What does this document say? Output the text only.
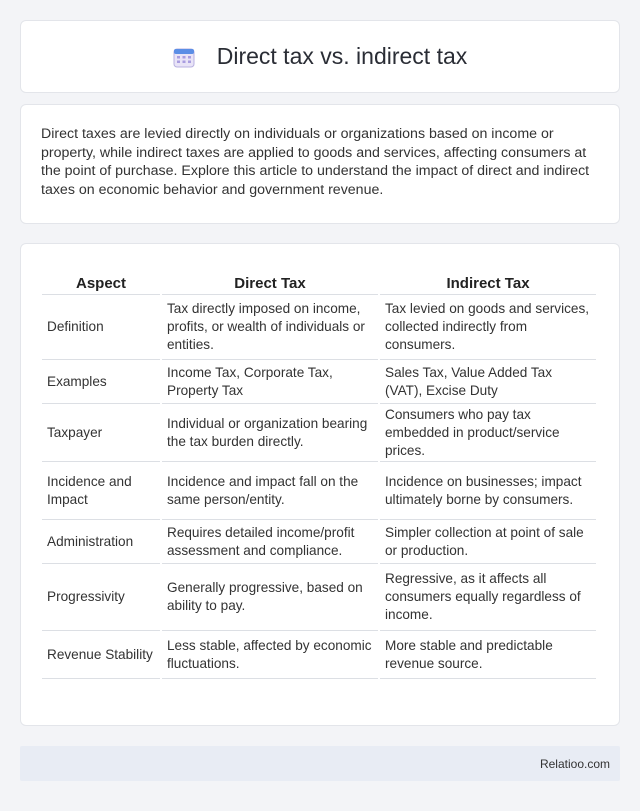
Direct tax vs. indirect tax

Direct taxes are levied directly on individuals or organizations based on income or property, while indirect taxes are applied to goods and services, affecting consumers at the point of purchase. Explore this article to understand the impact of direct and indirect taxes on economic behavior and government revenue.

Aspect	Direct Tax	Indirect Tax
Definition	Tax directly imposed on income, profits, or wealth of individuals or entities.	Tax levied on goods and services, collected indirectly from consumers.
Examples	Income Tax, Corporate Tax, Property Tax	Sales Tax, Value Added Tax (VAT), Excise Duty
Taxpayer	Individual or organization bearing the tax burden directly.	Consumers who pay tax embedded in product/service prices.
Incidence and Impact	Incidence and impact fall on the same person/entity.	Incidence on businesses; impact ultimately borne by consumers.
Administration	Requires detailed income/profit assessment and compliance.	Simpler collection at point of sale or production.
Progressivity	Generally progressive, based on ability to pay.	Regressive, as it affects all consumers equally regardless of income.
Revenue Stability	Less stable, affected by economic fluctuations.	More stable and predictable revenue source.
Relatioo.com
